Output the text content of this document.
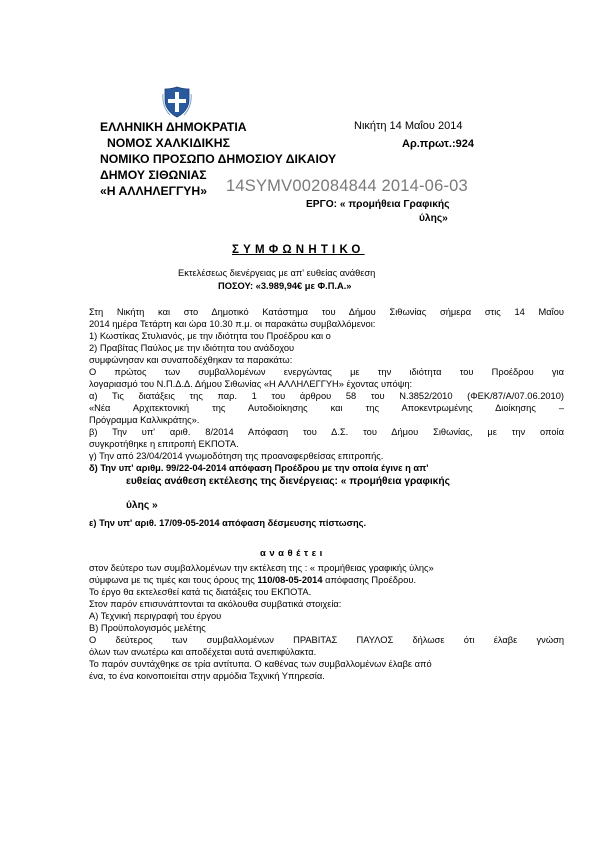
ΕΛΛΗΝΙΚΗ ΔΗΜΟΚΡΑΤΙΑ
ΝΟΜΟΣ ΧΑΛΚΙΔΙΚΗΣ
ΝΟΜΙΚΟ ΠΡΟΣΩΠΟ ΔΗΜΟΣΙΟΥ ΔΙΚΑΙΟΥ
ΔΗΜΟΥ ΣΙΘΩΝΙΑΣ
«Η ΑΛΛΗΛΕΓΓΥΗ»
Νικήτη 14 Μαΐου 2014
Αρ.πρωτ.:924
14SYMV002084844 2014-06-03
ΕΡΓΟ: « προμήθεια Γραφικής
ύλης»
ΣΥΜΦΩΝΗΤΙΚΟ
Εκτελέσεως διενέργειας με απ' ευθείας ανάθεση
ΠΟΣΟΥ: «3.989,94€ με Φ.Π.Α.»
Στη Νικήτη και στο Δημοτικό Κατάστημα του Δήμου Σιθωνίας σήμερα στις 14 Μαΐου
2014 ημέρα Τετάρτη και ώρα 10.30 π.μ. οι παρακάτω συμβαλλόμενοι:
1) Κωστίκας Στυλιανός, με την ιδιότητα του Προέδρου και ο
2) Πραβίτας Παύλος με την ιδιότητα του ανάδοχου
συμφώνησαν και συναποδέχθηκαν τα παρακάτω:
Ο πρώτος των συμβαλλομένων ενεργώντας με την ιδιότητα του Προέδρου για
λογαριασμό του Ν.Π.Δ.Δ. Δήμου Σιθωνίας «Η ΑΛΛΗΛΕΓΓΥΗ» έχοντας υπόψη:
α) Τις διατάξεις της παρ. 1 του άρθρου 58 του Ν.3852/2010 (ΦΕΚ/87/Α/07.06.2010)
«Νέα Αρχιτεκτονική της Αυτοδιοίκησης και της Αποκεντρωμένης Διοίκησης –
Πρόγραμμα Καλλικράτης».
β) Την υπ' αριθ. 8/2014 Απόφαση του Δ.Σ. του Δήμου Σιθωνίας, με την οποία
συγκροτήθηκε η επιτροπή ΕΚΠΟΤΑ.
γ) Την από 23/04/2014 γνωμοδότηση της προαναφερθείσας επιτροπής.
δ) Την υπ' αριθμ. 99/22-04-2014 απόφαση Προέδρου με την οποία έγινε η απ'
ευθείας ανάθεση εκτέλεσης της διενέργειας: « προμήθεια γραφικής
ύλης »
ε) Την υπ' αριθ. 17/09-05-2014 απόφαση δέσμευσης πίστωσης.
αναθέτει
στον δεύτερο των συμβαλλομένων την εκτέλεση της : « προμήθειας γραφικής ύλης»
σύμφωνα με τις τιμές και τους όρους της 110/08-05-2014 απόφασης Προέδρου.
Το έργο θα εκτελεσθεί κατά τις διατάξεις του ΕΚΠΟΤΑ.
Στον παρόν επισυνάπτονται τα ακόλουθα συμβατικά στοιχεία:
Α) Τεχνική περιγραφή του έργου
Β) Προϋπολογισμός μελέτης
Ο δεύτερος των συμβαλλομένων ΠΡΑΒΙΤΑΣ ΠΑΥΛΟΣ δήλωσε ότι έλαβε γνώση
όλων των ανωτέρω και αποδέχεται αυτά ανεπιφύλακτα.
Το παρόν συντάχθηκε σε τρία αντίτυπα. Ο καθένας των συμβαλλομένων έλαβε από
ένα, το ένα κοινοποιείται στην αρμόδια Τεχνική Υπηρεσία.
